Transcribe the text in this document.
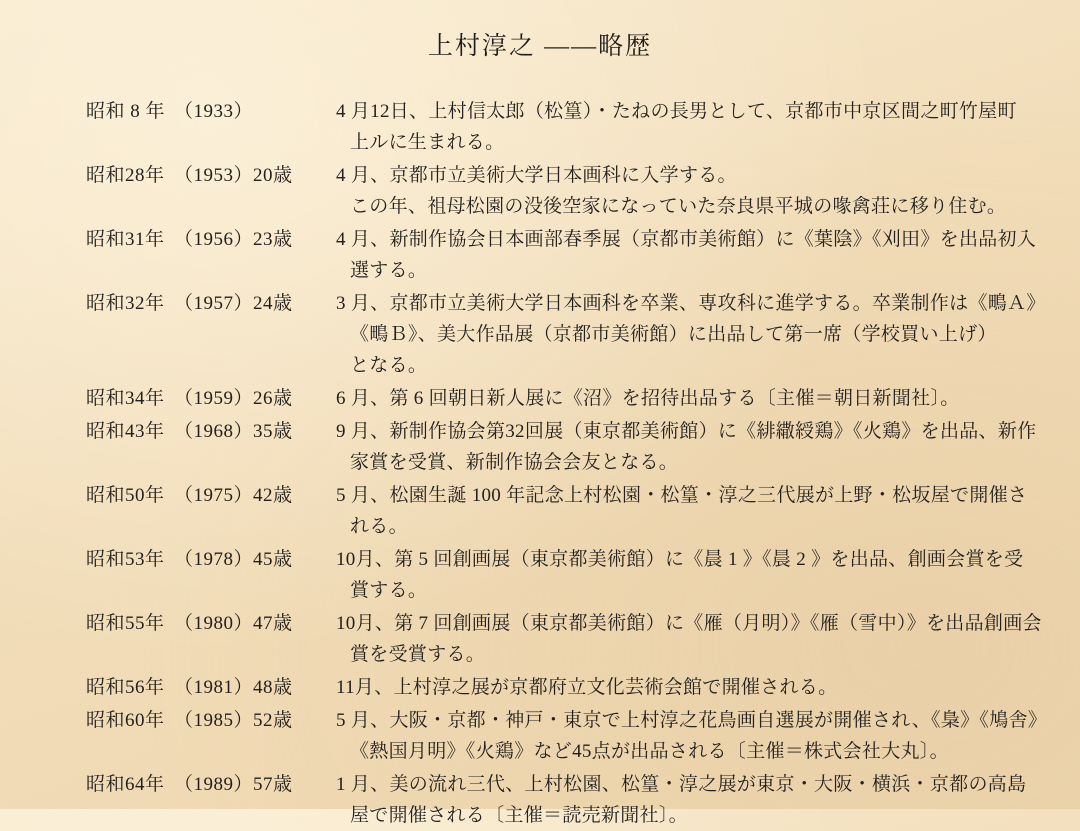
上村淳之 ——略歴
昭和 8 年 （1933）	4 月12日、上村信太郎（松篁）・たねの長男として、京都市中京区間之町竹屋町
上ルに生まれる。
昭和28年 （1953） 20歳	4 月、京都市立美術大学日本画科に入学する。
この年、祖母松園の没後空家になっていた奈良県平城の喙禽荘に移り住む。
昭和31年 （1956） 23歳	4 月、新制作協会日本画部春季展（京都市美術館）に《葉陰》《刈田》を出品初入
選する。
昭和32年 （1957） 24歳	3 月、京都市立美術大学日本画科を卒業、専攻科に進学する。卒業制作は《鴫Ａ》
《鴫Ｂ》、美大作品展（京都市美術館）に出品して第一席（学校買い上げ）
となる。
昭和34年 （1959） 26歳	6 月、第 6 回朝日新人展に《沼》を招待出品する〔主催＝朝日新聞社〕。
昭和43年 （1968） 35歳	9 月、新制作協会第32回展（東京都美術館）に《緋繖綬鶏》《火鶏》を出品、新作
家賞を受賞、新制作協会会友となる。
昭和50年 （1975） 42歳	5 月、松園生誕 100 年記念上村松園・松篁・淳之三代展が上野・松坂屋で開催さ
れる。
昭和53年 （1978） 45歳	10月、第 5 回創画展（東京都美術館）に《晨 1 》《晨 2 》を出品、創画会賞を受
賞する。
昭和55年 （1980） 47歳	10月、第 7 回創画展（東京都美術館）に《雁（月明）》《雁（雪中）》を出品創画会
賞を受賞する。
昭和56年 （1981） 48歳	11月、上村淳之展が京都府立文化芸術会館で開催される。
昭和60年 （1985） 52歳	5 月、大阪・京都・神戸・東京で上村淳之花鳥画自選展が開催され、《梟》《鳩舎》
《熱国月明》《火鶏》など45点が出品される〔主催＝株式会社大丸〕。
昭和64年 （1989） 57歳	1 月、美の流れ三代、上村松園、松篁・淳之展が東京・大阪・横浜・京都の高島
屋で開催される〔主催＝読売新聞社〕。
